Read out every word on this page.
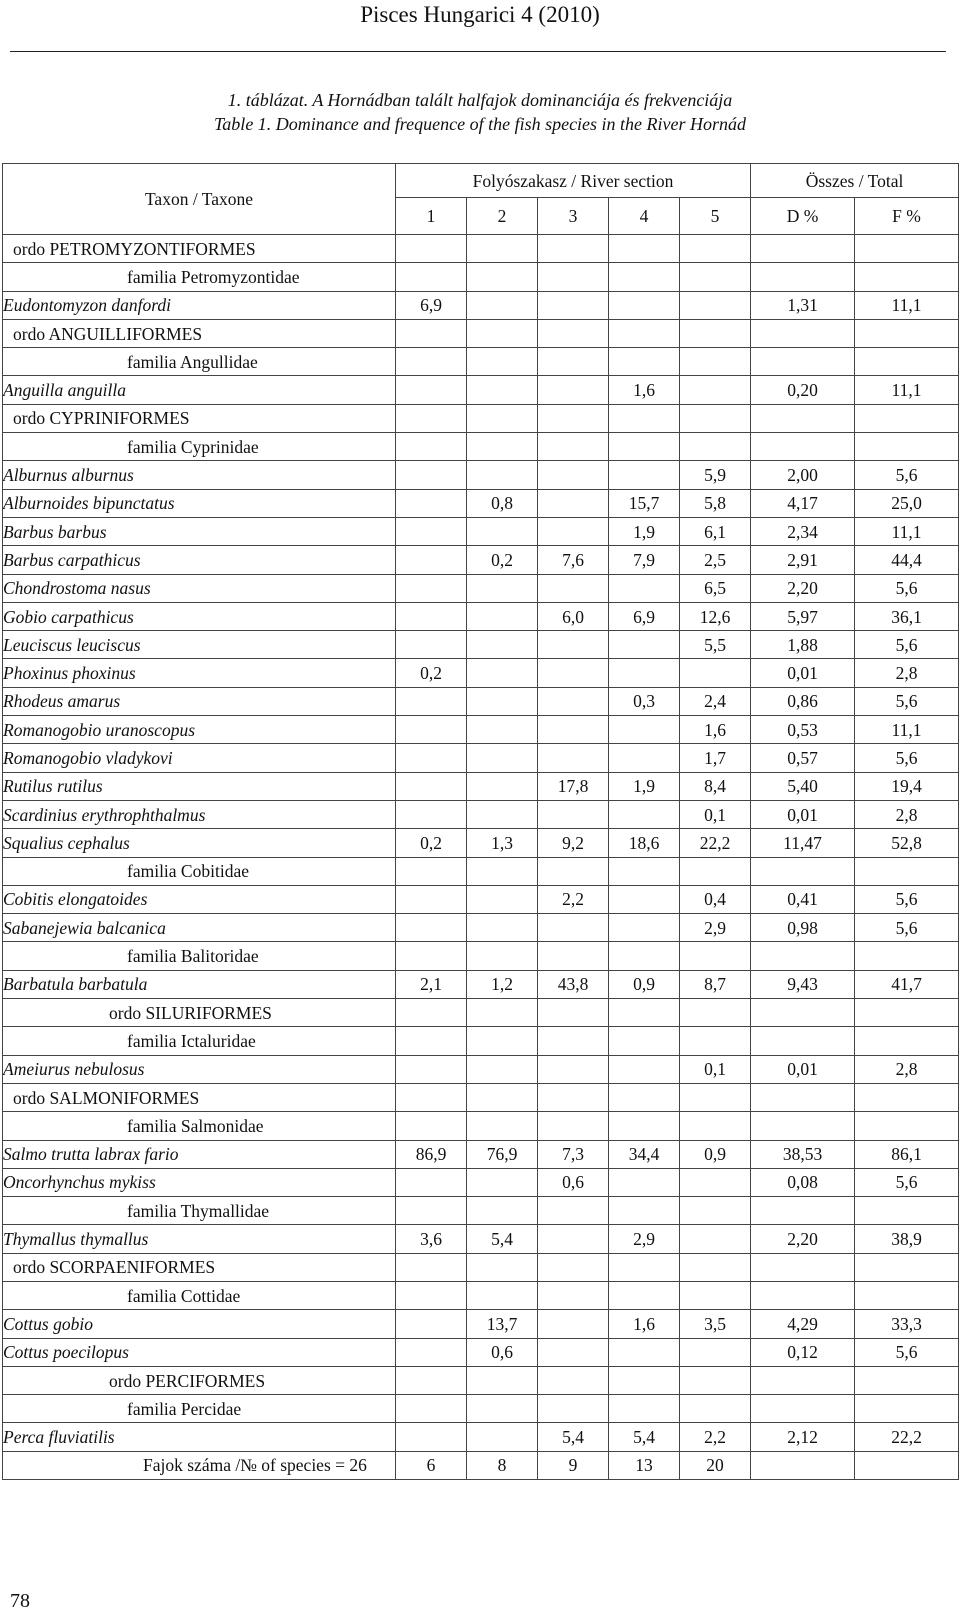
Pisces Hungarici 4 (2010)
1. táblázat. A Hornádban talált halfajok dominanciája és frekvenciája
Table 1. Dominance and frequence of the fish species in the River Hornád
Taxon / Taxone	Folyószakasz / River section					Összes / Total	
	1	2	3	4	5	D %	F %
ordo PETROMYZONTIFORMES							
familia Petromyzontidae							
Eudontomyzon danfordi	6,9					1,31	11,1
ordo ANGUILLIFORMES							
familia Angullidae							
Anguilla anguilla				1,6		0,20	11,1
ordo CYPRINIFORMES							
familia Cyprinidae							
Alburnus alburnus					5,9	2,00	5,6
Alburnoides bipunctatus		0,8		15,7	5,8	4,17	25,0
Barbus barbus				1,9	6,1	2,34	11,1
Barbus carpathicus		0,2	7,6	7,9	2,5	2,91	44,4
Chondrostoma nasus					6,5	2,20	5,6
Gobio carpathicus			6,0	6,9	12,6	5,97	36,1
Leuciscus leuciscus					5,5	1,88	5,6
Phoxinus phoxinus	0,2					0,01	2,8
Rhodeus amarus				0,3	2,4	0,86	5,6
Romanogobio uranoscopus					1,6	0,53	11,1
Romanogobio vladykovi					1,7	0,57	5,6
Rutilus rutilus			17,8	1,9	8,4	5,40	19,4
Scardinius erythrophthalmus					0,1	0,01	2,8
Squalius cephalus	0,2	1,3	9,2	18,6	22,2	11,47	52,8
familia Cobitidae							
Cobitis elongatoides			2,2		0,4	0,41	5,6
Sabanejewia balcanica					2,9	0,98	5,6
familia Balitoridae							
Barbatula barbatula	2,1	1,2	43,8	0,9	8,7	9,43	41,7
ordo SILURIFORMES							
familia Ictaluridae							
Ameiurus nebulosus					0,1	0,01	2,8
ordo SALMONIFORMES							
familia Salmonidae							
Salmo trutta labrax fario	86,9	76,9	7,3	34,4	0,9	38,53	86,1
Oncorhynchus mykiss			0,6			0,08	5,6
familia Thymallidae							
Thymallus thymallus	3,6	5,4		2,9		2,20	38,9
ordo SCORPAENIFORMES							
familia Cottidae							
Cottus gobio		13,7		1,6	3,5	4,29	33,3
Cottus poecilopus		0,6				0,12	5,6
ordo PERCIFORMES							
familia Percidae							
Perca fluviatilis			5,4	5,4	2,2	2,12	22,2
Fajok száma /№ of species = 26	6	8	9	13	20		
78
